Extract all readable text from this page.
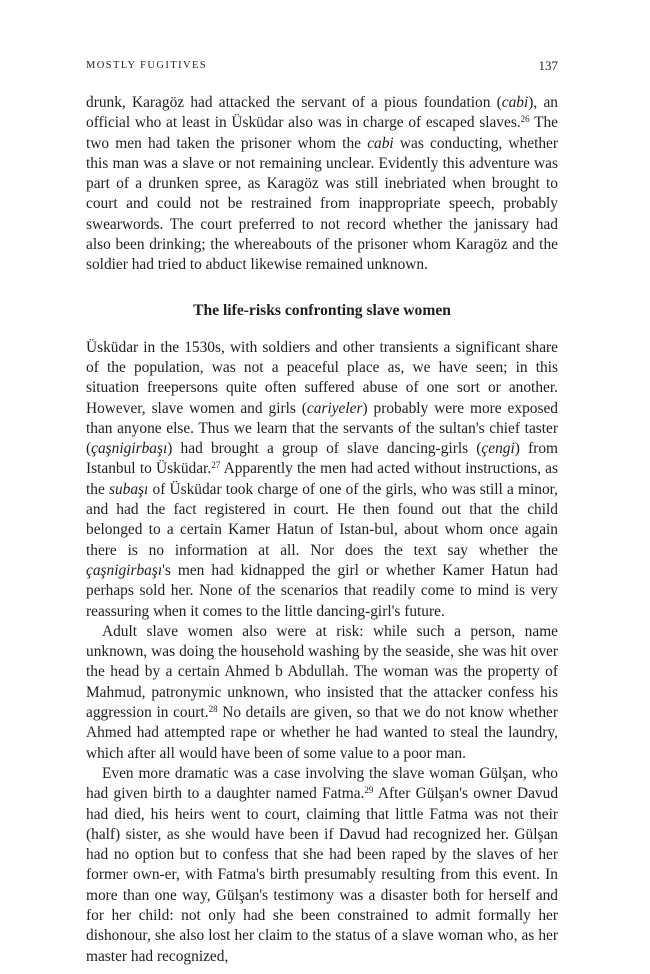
MOSTLY FUGITIVES	137

drunk, Karagöz had attacked the servant of a pious foundation (cabi), an official who at least in Üsküdar also was in charge of escaped slaves.$^{26}$ The two men had taken the prisoner whom the cabi was conducting, whether this man was a slave or not remaining unclear. Evidently this adventure was part of a drunken spree, as Karagöz was still inebriated when brought to court and could not be restrained from inappropriate speech, probably swearwords. The court preferred to not record whether the janissary had also been drinking; the whereabouts of the prisoner whom Karagöz and the soldier had tried to abduct likewise remained unknown.

The life-risks confronting slave women

Üsküdar in the 1530s, with soldiers and other transients a significant share of the population, was not a peaceful place as, we have seen; in this situation freepersons quite often suffered abuse of one sort or another. However, slave women and girls (cariyeler) probably were more exposed than anyone else. Thus we learn that the servants of the sultan's chief taster (çaşnigirbaşı) had brought a group of slave dancing-girls (çengi) from Istanbul to Üsküdar.$^{27}$ Apparently the men had acted without instructions, as the subaşı of Üsküdar took charge of one of the girls, who was still a minor, and had the fact registered in court. He then found out that the child belonged to a certain Kamer Hatun of Istan-bul, about whom once again there is no information at all. Nor does the text say whether the çaşnigirbaşı's men had kidnapped the girl or whether Kamer Hatun had perhaps sold her. None of the scenarios that readily come to mind is very reassuring when it comes to the little dancing-girl's future.

Adult slave women also were at risk: while such a person, name unknown, was doing the household washing by the seaside, she was hit over the head by a certain Ahmed b Abdullah. The woman was the property of Mahmud, patronymic unknown, who insisted that the attacker confess his aggression in court.$^{28}$ No details are given, so that we do not know whether Ahmed had attempted rape or whether he had wanted to steal the laundry, which after all would have been of some value to a poor man.

Even more dramatic was a case involving the slave woman Gülşan, who had given birth to a daughter named Fatma.$^{29}$ After Gülşan's owner Davud had died, his heirs went to court, claiming that little Fatma was not their (half) sister, as she would have been if Davud had recognized her. Gülşan had no option but to confess that she had been raped by the slaves of her former own-er, with Fatma's birth presumably resulting from this event. In more than one way, Gülşan's testimony was a disaster both for herself and for her child: not only had she been constrained to admit formally her dishonour, she also lost her claim to the status of a slave woman who, as her master had recognized,
